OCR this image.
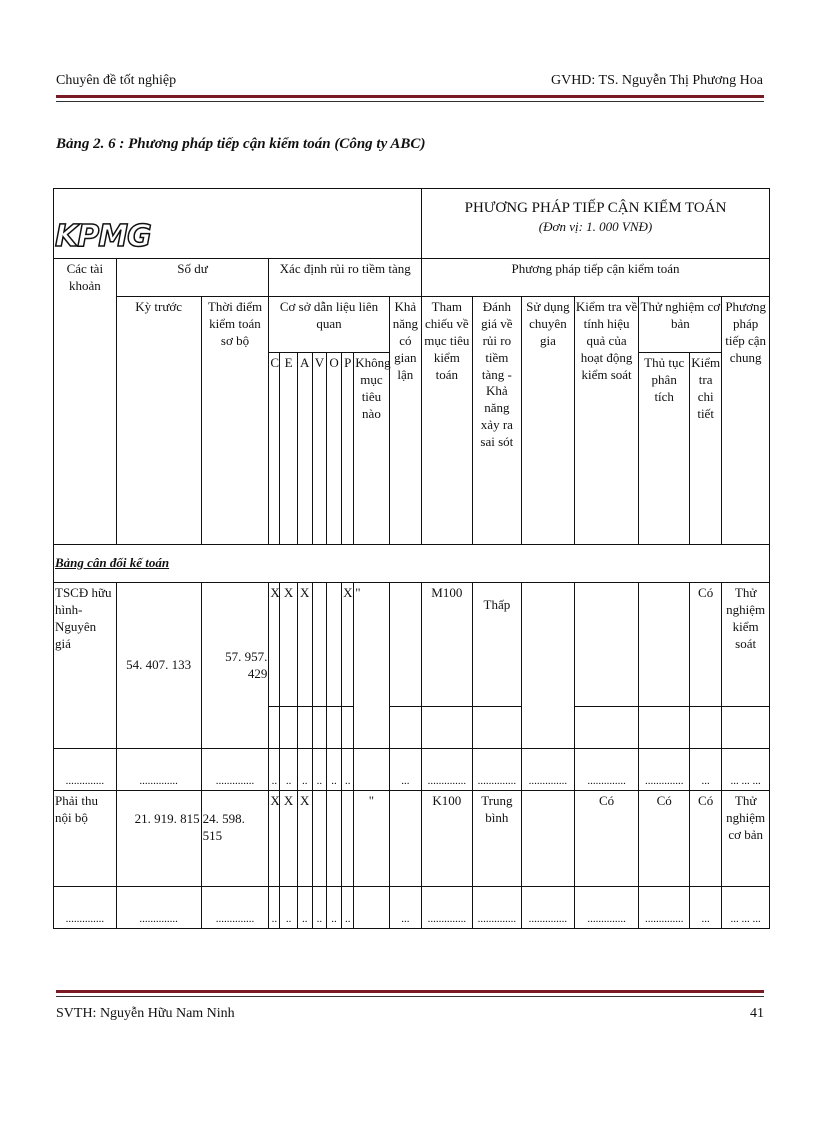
Chuyên đề tốt nghiệp	GVHD: TS. Nguyễn Thị Phương Hoa
Bảng 2. 6 : Phương pháp tiếp cận kiểm toán (Công ty ABC)
KPMG											PHƯƠNG PHÁP TIẾP CẬN KIỂM TOÁN
(Đơn vị: 1. 000 VNĐ)						

Các tài khoản	Số dư		Xác định rủi ro tiềm tàng								Phương pháp tiếp cận kiểm toán						
	Kỳ trước	Thời điểm kiểm toán sơ bộ	Cơ sở dẫn liệu liên quan							Khả năng có gian lận	Tham chiếu về mục tiêu kiểm toán	Đánh giá về rủi ro tiềm tàng - Khả năng xảy ra sai sót	Sử dụng chuyên gia	Kiểm tra về tính hiệu quả của hoạt động kiểm soát	Thử nghiệm cơ bản		Phương pháp tiếp cận chung
			C	E	A	V	O	P	Không mục tiêu nào						Thủ tục phân tích	Kiểm tra chi tiết	
Bảng cân đối kế toán																	
TSCĐ hữu hình- Nguyên giá	54. 407. 133	57. 957. 429	X	X	X			X	"		M100	Thấp				Có	Thử nghiệm kiểm soát

..............	..............	..............	..	..	..	..	..	..		...	..............	..............	..............	..............	..............	...	... ... ...
Phải thu nội bộ	21. 919. 815	24. 598. 515	X	X	X				"		K100	Trung bình		Có	Có	Có	Thử nghiệm cơ bản
..............	..............	..............	..	..	..	..	..	..		...	..............	..............	..............	..............	..............	...	... ... ...
SVTH: Nguyễn Hữu Nam Ninh	41
